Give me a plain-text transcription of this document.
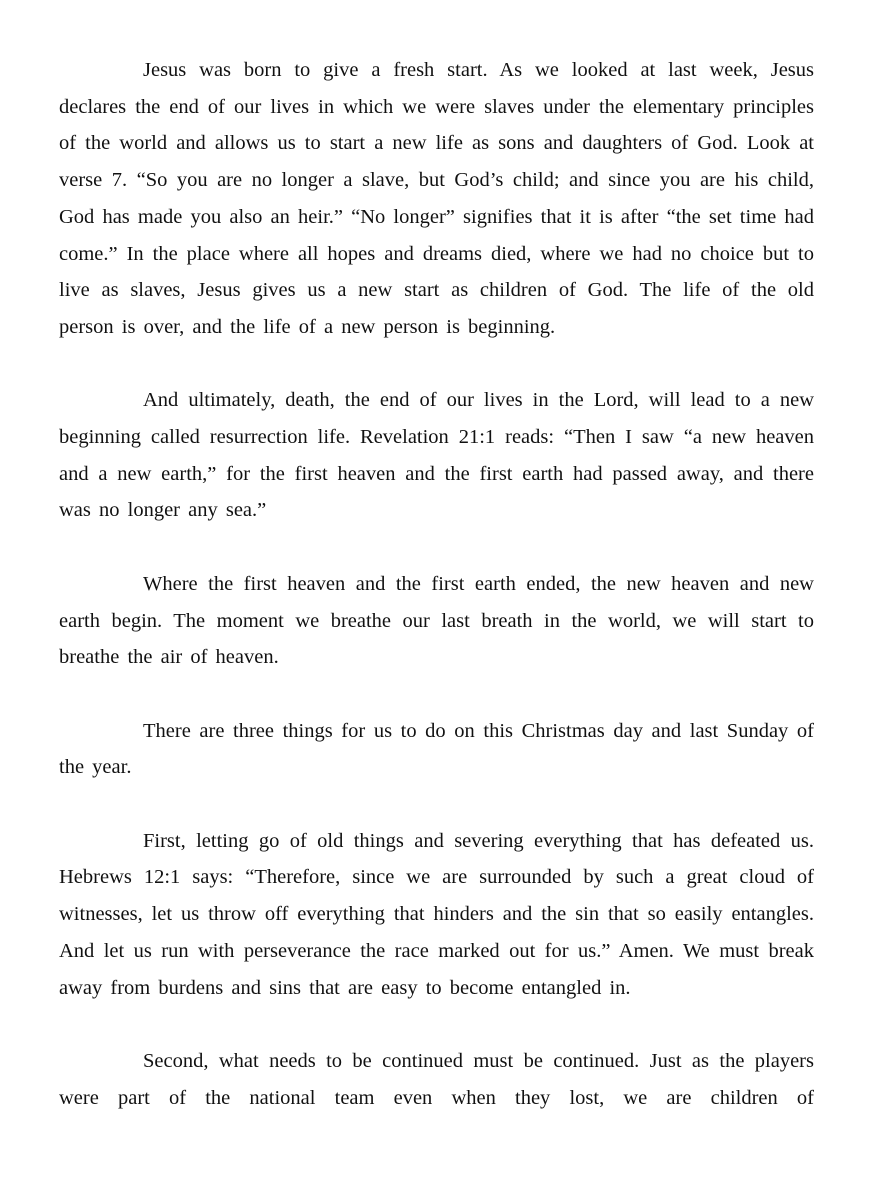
Jesus was born to give a fresh start. As we looked at last week, Jesus declares the end of our lives in which we were slaves under the elementary principles of the world and allows us to start a new life as sons and daughters of God. Look at verse 7. “So you are no longer a slave, but God’s child; and since you are his child, God has made you also an heir.” “No longer” signifies that it is after “the set time had come.” In the place where all hopes and dreams died, where we had no choice but to live as slaves, Jesus gives us a new start as children of God. The life of the old person is over, and the life of a new person is beginning.

And ultimately, death, the end of our lives in the Lord, will lead to a new beginning called resurrection life. Revelation 21:1 reads: “Then I saw “a new heaven and a new earth,” for the first heaven and the first earth had passed away, and there was no longer any sea.”

Where the first heaven and the first earth ended, the new heaven and new earth begin. The moment we breathe our last breath in the world, we will start to breathe the air of heaven.

There are three things for us to do on this Christmas day and last Sunday of the year.

First, letting go of old things and severing everything that has defeated us. Hebrews 12:1 says: “Therefore, since we are surrounded by such a great cloud of witnesses, let us throw off everything that hinders and the sin that so easily entangles. And let us run with perseverance the race marked out for us.” Amen. We must break away from burdens and sins that are easy to become entangled in.

Second, what needs to be continued must be continued. Just as the players were part of the national team even when they lost, we are children of
